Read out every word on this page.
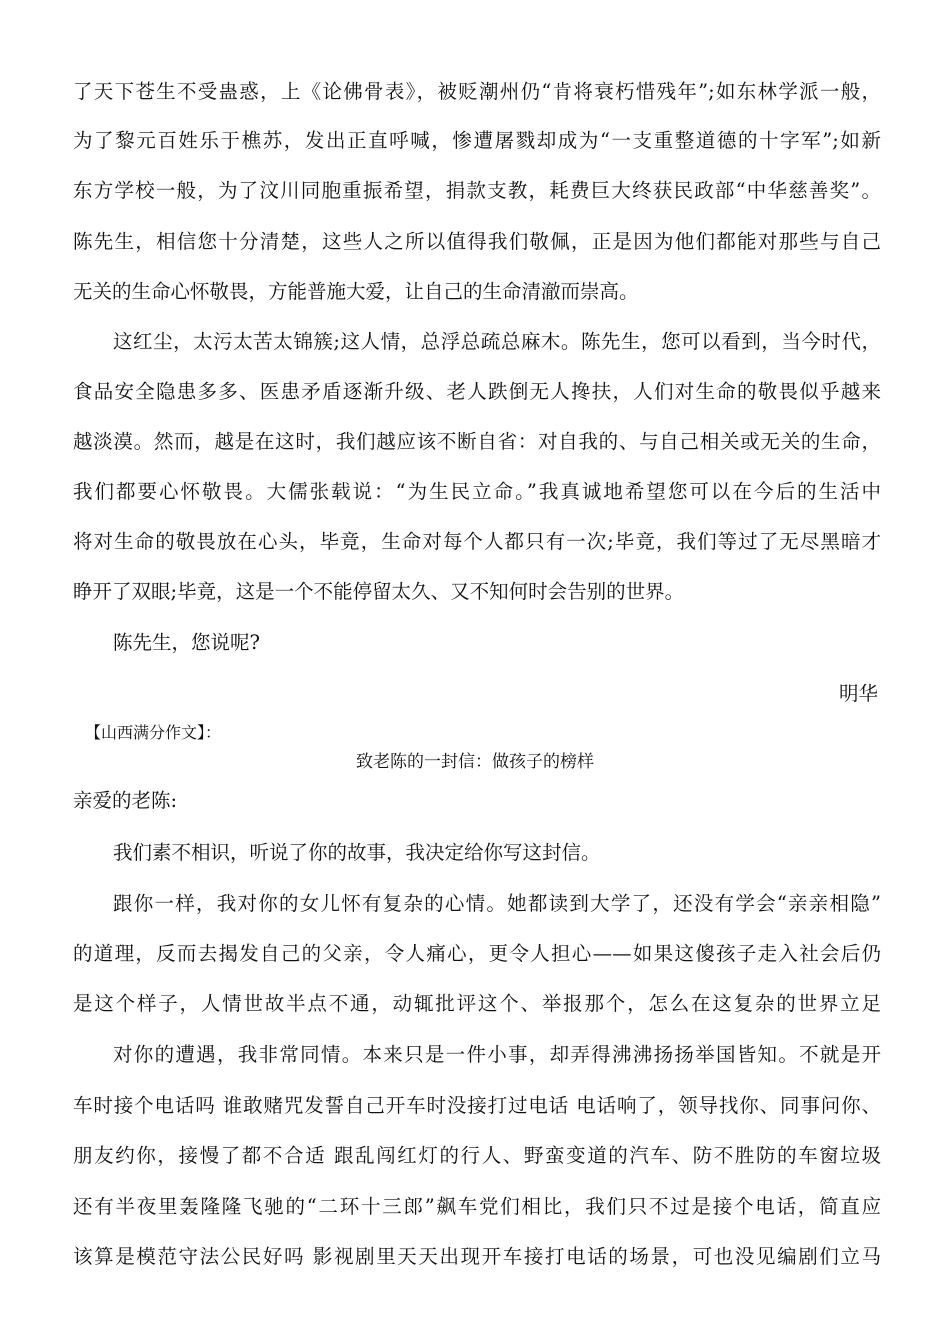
了天下苍生不受蛊惑，上《论佛骨表》，被贬潮州仍“肯将衰朽惜残年”;如东林学派一般，
为了黎元百姓乐于樵苏，发出正直呼喊，惨遭屠戮却成为“一支重整道德的十字军”;如新
东方学校一般，为了汶川同胞重振希望，捐款支教，耗费巨大终获民政部“中华慈善奖”。
陈先生，相信您十分清楚，这些人之所以值得我们敬佩，正是因为他们都能对那些与自己
无关的生命心怀敬畏，方能普施大爱，让自己的生命清澈而崇高。
这红尘，太污太苦太锦簇;这人情，总浮总疏总麻木。陈先生，您可以看到，当今时代，
食品安全隐患多多、医患矛盾逐渐升级、老人跌倒无人搀扶，人们对生命的敬畏似乎越来
越淡漠。然而，越是在这时，我们越应该不断自省：对自我的、与自己相关或无关的生命，
我们都要心怀敬畏。大儒张载说：“为生民立命。”我真诚地希望您可以在今后的生活中
将对生命的敬畏放在心头，毕竟，生命对每个人都只有一次;毕竟，我们等过了无尽黑暗才
睁开了双眼;毕竟，这是一个不能停留太久、又不知何时会告别的世界。
陈先生，您说呢?
明华
【山西满分作文】：
致老陈的一封信：做孩子的榜样
亲爱的老陈:
我们素不相识，听说了你的故事，我决定给你写这封信。
跟你一样，我对你的女儿怀有复杂的心情。她都读到大学了，还没有学会“亲亲相隐”
的道理，反而去揭发自己的父亲，令人痛心，更令人担心——如果这傻孩子走入社会后仍
是这个样子，人情世故半点不通，动辄批评这个、举报那个，怎么在这复杂的世界立足
对你的遭遇，我非常同情。本来只是一件小事，却弄得沸沸扬扬举国皆知。不就是开
车时接个电话吗 谁敢赌咒发誓自己开车时没接打过电话 电话响了，领导找你、同事问你、
朋友约你，接慢了都不合适 跟乱闯红灯的行人、野蛮变道的汽车、防不胜防的车窗垃圾
还有半夜里轰隆隆飞驰的“二环十三郎”飙车党们相比，我们只不过是接个电话，简直应
该算是模范守法公民好吗 影视剧里天天出现开车接打电话的场景，可也没见编剧们立马
